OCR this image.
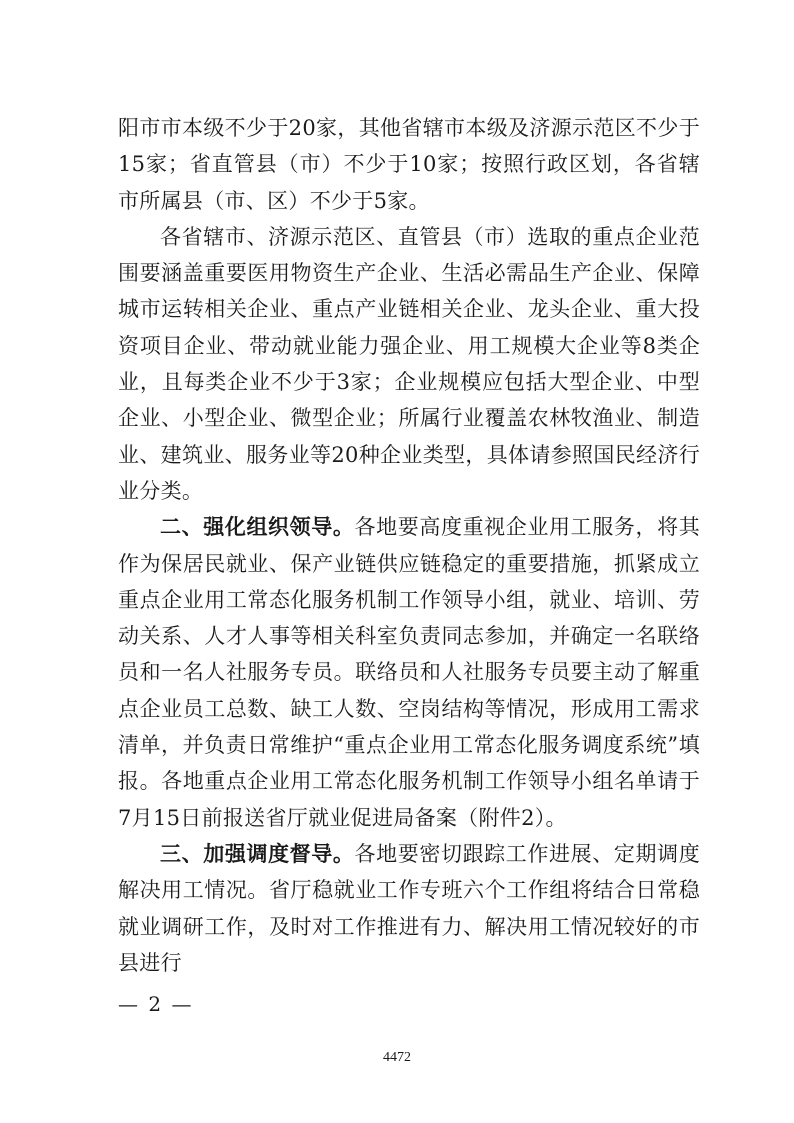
阳市市本级不少于20家，其他省辖市本级及济源示范区不少于15家；省直管县（市）不少于10家；按照行政区划，各省辖市所属县（市、区）不少于5家。

各省辖市、济源示范区、直管县（市）选取的重点企业范围要涵盖重要医用物资生产企业、生活必需品生产企业、保障城市运转相关企业、重点产业链相关企业、龙头企业、重大投资项目企业、带动就业能力强企业、用工规模大企业等8类企业，且每类企业不少于3家；企业规模应包括大型企业、中型企业、小型企业、微型企业；所属行业覆盖农林牧渔业、制造业、建筑业、服务业等20种企业类型，具体请参照国民经济行业分类。

二、强化组织领导。各地要高度重视企业用工服务，将其作为保居民就业、保产业链供应链稳定的重要措施，抓紧成立重点企业用工常态化服务机制工作领导小组，就业、培训、劳动关系、人才人事等相关科室负责同志参加，并确定一名联络员和一名人社服务专员。联络员和人社服务专员要主动了解重点企业员工总数、缺工人数、空岗结构等情况，形成用工需求清单，并负责日常维护“重点企业用工常态化服务调度系统”填报。各地重点企业用工常态化服务机制工作领导小组名单请于7月15日前报送省厅就业促进局备案（附件2）。

三、加强调度督导。各地要密切跟踪工作进展、定期调度解决用工情况。省厅稳就业工作专班六个工作组将结合日常稳就业调研工作，及时对工作推进有力、解决用工情况较好的市县进行

— 2 —
4472
